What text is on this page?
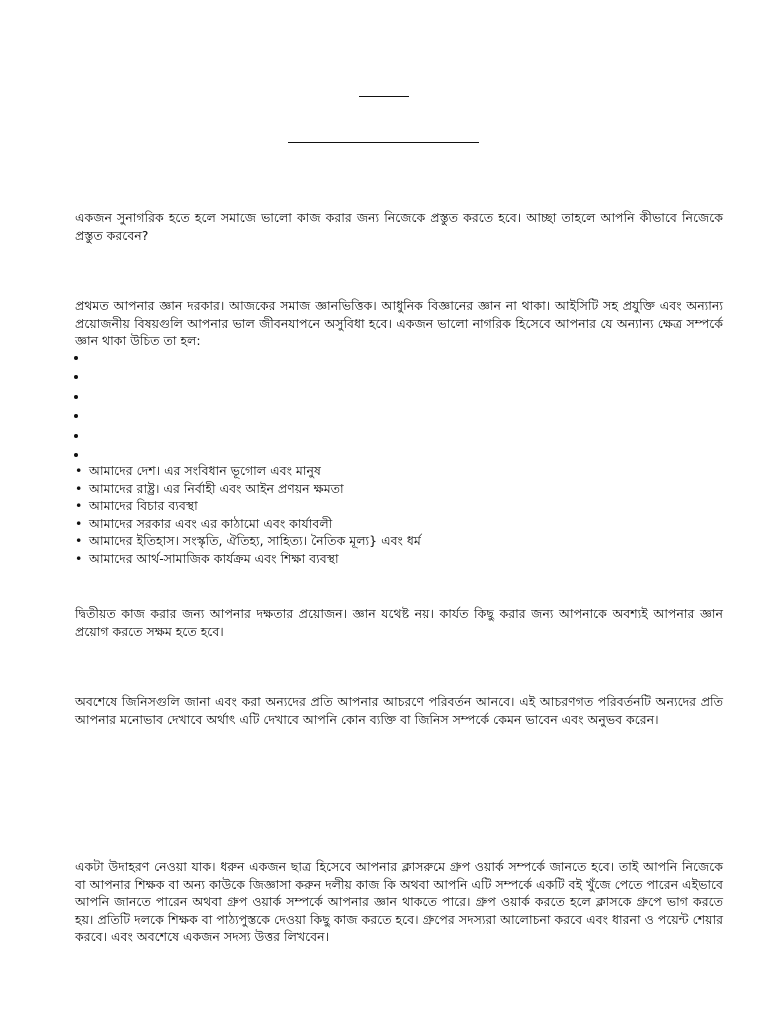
একজন সুনাগরিক হতে হলে সমাজে ভালো কাজ করার জন্য নিজেকে প্রস্তুত করতে হবে। আচ্ছা তাহলে আপনি কীভাবে নিজেকে প্রস্তুত করবেন?

প্রথমত আপনার জ্ঞান দরকার। আজকের সমাজ জ্ঞানভিত্তিক। আধুনিক বিজ্ঞানের জ্ঞান না থাকা। আইসিটি সহ প্রযুক্তি এবং অন্যান্য প্রয়োজনীয় বিষয়গুলি আপনার ভাল জীবনযাপনে অসুবিধা হবে। একজন ভালো নাগরিক হিসেবে আপনার যে অন্যান্য ক্ষেত্র সম্পর্কে জ্ঞান থাকা উচিত তা হল:

• আমাদের দেশ। এর সংবিধান ভূগোল এবং মানুষ
• আমাদের রাষ্ট্র। এর নির্বাহী এবং আইন প্রণয়ন ক্ষমতা
• আমাদের বিচার ব্যবস্থা
• আমাদের সরকার এবং এর কাঠামো এবং কার্যাবলী
• আমাদের ইতিহাস। সংস্কৃতি, ঐতিহ্য, সাহিত্য। নৈতিক মূল্য} এবং ধর্ম
• আমাদের আর্থ-সামাজিক কার্যক্রম এবং শিক্ষা ব্যবস্থা

দ্বিতীয়ত কাজ করার জন্য আপনার দক্ষতার প্রয়োজন। জ্ঞান যথেষ্ট নয়। কার্যত কিছু করার জন্য আপনাকে অবশ্যই আপনার জ্ঞান প্রয়োগ করতে সক্ষম হতে হবে।

অবশেষে জিনিসগুলি জানা এবং করা অন্যদের প্রতি আপনার আচরণে পরিবর্তন আনবে। এই আচরণগত পরিবর্তনটি অন্যদের প্রতি আপনার মনোভাব দেখাবে অর্থাৎ এটি দেখাবে আপনি কোন ব্যক্তি বা জিনিস সম্পর্কে কেমন ভাবেন এবং অনুভব করেন।

একটা উদাহরণ নেওয়া যাক। ধরুন একজন ছাত্র হিসেবে আপনার ক্লাসরুমে গ্রুপ ওয়ার্ক সম্পর্কে জানতে হবে। তাই আপনি নিজেকে বা আপনার শিক্ষক বা অন্য কাউকে জিজ্ঞাসা করুন দলীয় কাজ কি অথবা আপনি এটি সম্পর্কে একটি বই খুঁজে পেতে পারেন এইভাবে আপনি জানতে পারেন অথবা গ্রুপ ওয়ার্ক সম্পর্কে আপনার জ্ঞান থাকতে পারে। গ্রুপ ওয়ার্ক করতে হলে ক্লাসকে গ্রুপে ভাগ করতে হয়। প্রতিটি দলকে শিক্ষক বা পাঠ্যপুস্তকে দেওয়া কিছু কাজ করতে হবে। গ্রুপের সদস্যরা আলোচনা করবে এবং ধারনা ও পয়েন্ট শেয়ার করবে। এবং অবশেষে একজন সদস্য উত্তর লিখবেন।
